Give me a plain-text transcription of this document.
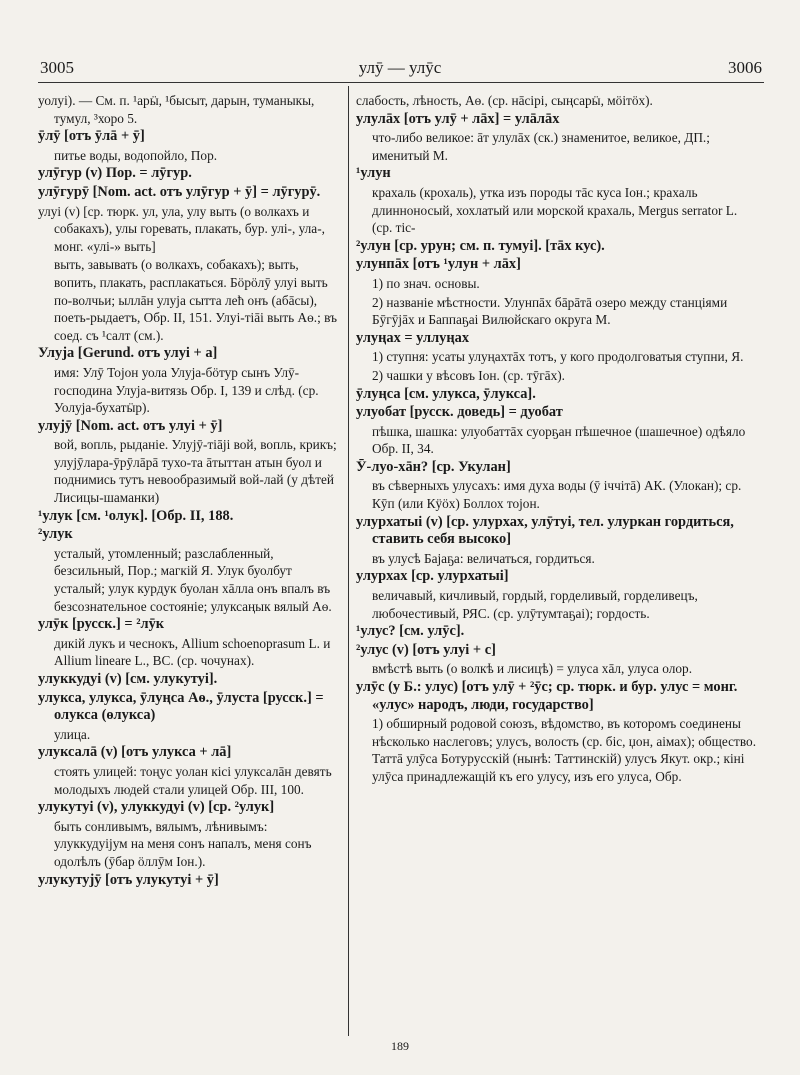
3005	улӯ — улӯс	3006
уолуі). — См. п. ¹арӹ, ¹бысыт, дарын, туманыкы, тумул, ³хоро 5.
ӯлӯ [отъ ӯлā + ӯ]
питье воды, водопойло, Пор.
улӯгур (v) Пор. = лӯгур.
улӯгурӯ [Nom. act. отъ улӯгур + ӯ] = лӯгурӯ.
улуі (v) [ср. тюрк. ул, ула, улу выть (о волкахъ и собакахъ), улы горевать, плакать, бур. улі-, ула-, монг. «улі-» выть]
выть, завывать (о волкахъ, собакахъ); выть, вопить, плакать, расплакаться. Бӧрӧлӯ улуі выть по-волчьи; ыллāн улуја сытта лећ онъ (абāсы), поеть-рыдаетъ, Обр. II, 151. Улуі-тіāі выть Аѳ.; въ соед. съ ¹салт (см.).
Улуја [Gerund. отъ улуі + а]
имя: Улӯ Тојон уола Улуја-бӧтур сынъ Улӯ-господина Улуја-витязь Обр. I, 139 и слѣд. (ср. Уолуја-бухатӹр).
улујӯ [Nom. act. отъ улуі + ӯ]
вой, вопль, рыданіе. Улујӯ-тіāјі вой, вопль, крикъ; улујӯлара-ӯрӯлāрā тухо-та āтыттан атын буол и поднимись тутъ невообразимый вой-лай (у дѣтей Лисицы-шаманки)
¹улук [см. ¹олук]. [Обр. II, 188.
²улук
усталый, утомленный; разслабленный, безсильный, Пор.; магкій Я. Улук буолбут усталый; улук курдук буолан хāлла онъ впалъ въ безсознательное состояніе; улуксаңык вялый Аѳ.
улӯк [русск.] = ²лӯк
дикій лукъ и чеснокъ, Allium schoenoprasum L. и Allium lineare L., ВС. (ср. чочунах).
улуккудуі (v) [см. улукутуі].
улукса, улукса, ӯлуңса Аѳ., ӯлуста [русск.] = олукса (өлукса)
улица.
улуксалā (v) [отъ улукса + лā]
стоять улицей: тоңус уолан кісі улуксалāн девять молодыхъ людей стали улицей Обр. III, 100.
улукутуі (v), улуккудуі (v) [ср. ²улук]
быть сонливымъ, вялымъ, лѣнивымъ: улуккудуіјум на меня сонъ напалъ, меня сонъ одолѣлъ (ӯбар ӧллӯм Іон.).
улукутујӯ [отъ улукутуі + ӯ]
слабость, лѣность, Аѳ. (ср. нāсірі, сыңсарӹ, мӧітӧх).
улулāх [отъ улӯ + лāх] = улāлāх
что-либо великое: āт улулāх (ск.) знаменитое, великое, ДП.; именитый М.
¹улун
крахаль (крохаль), утка изъ породы тāс куса Іон.; крахаль длинноносый, хохлатый или морской крахаль, Mergus serrator L. (ср. тіс-
²улун [ср. урун; см. п. тумуі]. [тāх кус).
улунпāх [отъ ¹улун + лāх]
1) по знач. основы.
2) названіе мѣстности. Улунпāх бāрāтā озеро между станціями Бӯгӯјāх и Баппаҕаі Вилюйскаго округа М.
улуңах = уллуңах
1) ступня: усаты улуңахтāх тотъ, у кого продолговатыя ступни, Я.
2) чашки у вѣсовъ Іон. (ср. тӯгāх).
ӯлуңса [см. улукса, ӯлукса].
улуобат [русск. доведь] = дуобат
пѣшка, шашка: улуобаттāх суорҕан пѣшечное (шашечное) одѣяло Обр. II, 34.
Ӯ-луо-хāн? [ср. Укулан]
въ сѣверныхъ улусахъ: имя духа воды (ӯ іччітā) АК. (Улокан); ср. Кӯп (или Кӱӧх) Боллох тојон.
улурхатыі (v) [ср. улурхах, улӯтуі, тел. улуркан гордиться, ставить себя высоко]
въ улусѣ Бајаҕа: величаться, гордиться.
улурхах [ср. улурхатыі]
величавый, кичливый, гордый, горделивый, горделивецъ, любочестивый, РЯС. (ср. улӯтумтаҕаі); гордость.
¹улус? [см. улӯс].
²улус (v) [отъ улуі + с]
вмѣстѣ выть (о волкѣ и лисицѣ) = улуса хāл, улуса олор.
улӯс (у Б.: улус) [отъ улӯ + ²ӯс; ср. тюрк. и бур. улус = монг. «улус» народъ, люди, государство]
1) обширный родовой союзъ, вѣдомство, въ которомъ соединены нѣсколько наслеговъ; улусъ, волость (ср. біс, џон, аімах); общество. Таттā улӯса Ботурусскій (нынѣ: Таттинскій) улусъ Якут. окр.; кіні улӯса принадлежащій къ его улусу, изъ его улуса, Обр.
189
